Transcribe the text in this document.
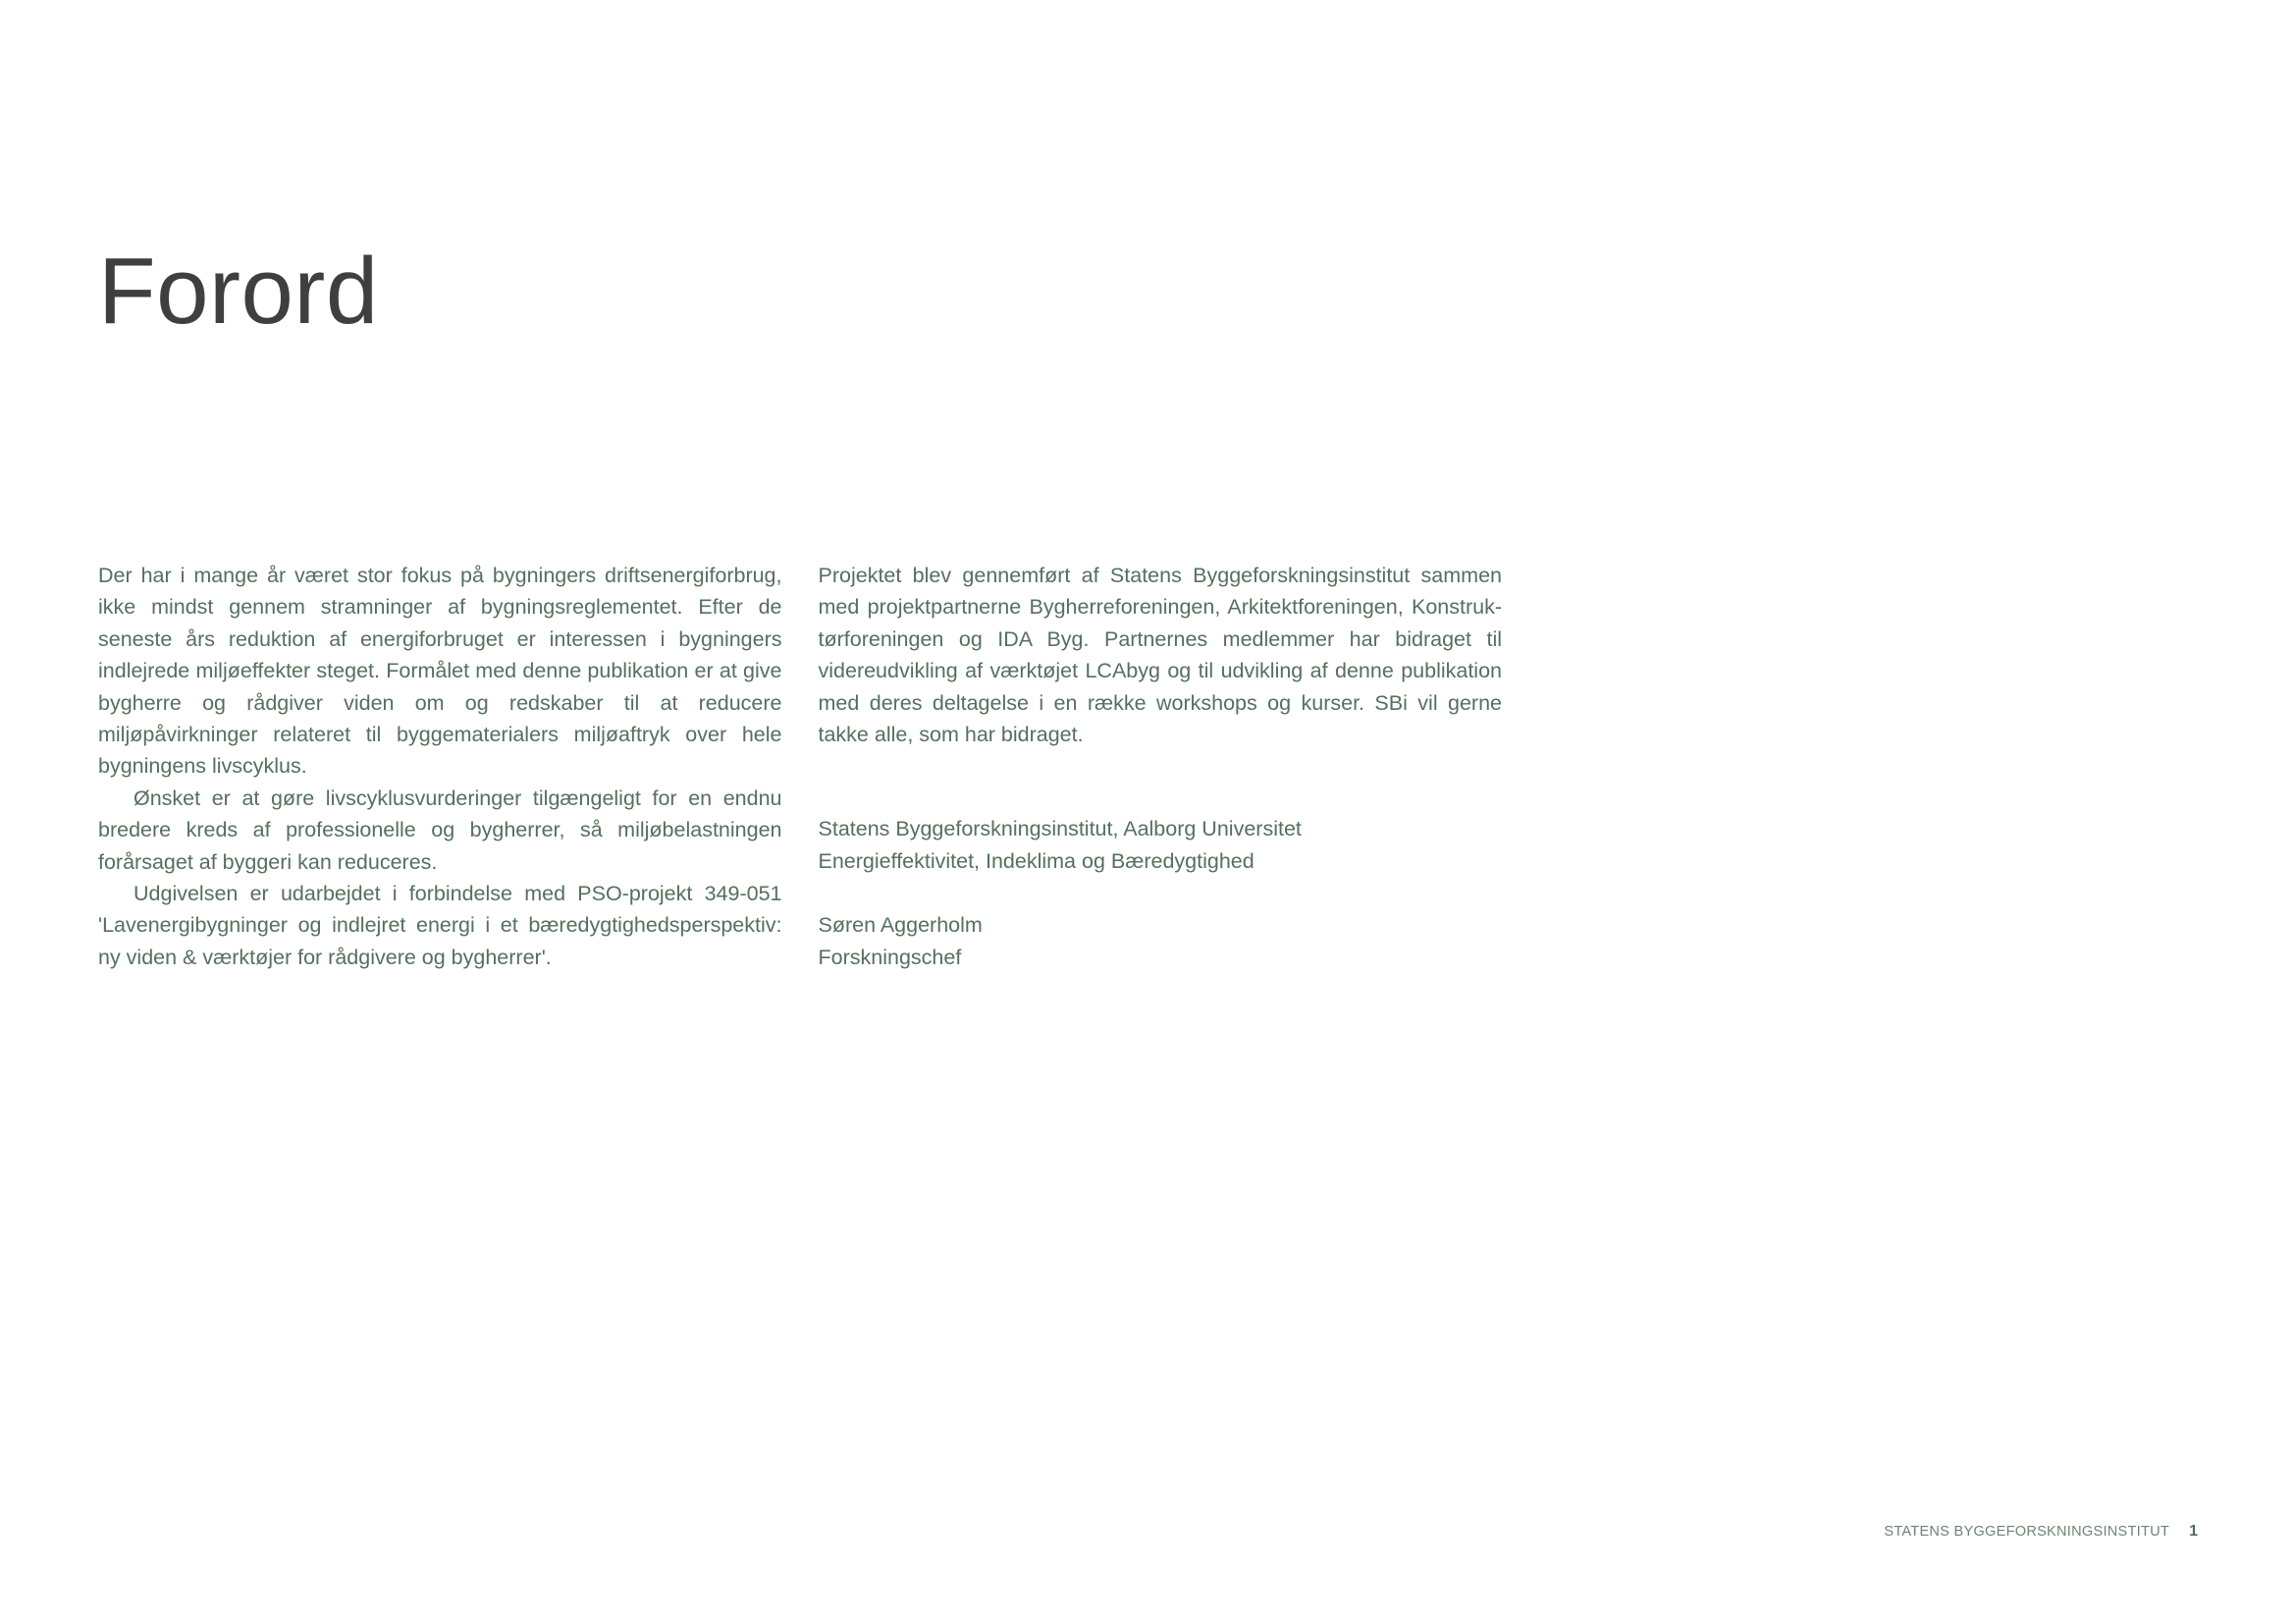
Forord

Der har i mange år været stor fokus på bygningers driftsenergiforbrug, ikke mindst gennem stramninger af bygningsreglementet. Efter de seneste års reduktion af energiforbruget er interessen i bygningers indlejrede miljøeffekter steget. Formålet med denne publikation er at give bygherre og rådgiver viden om og redskaber til at reducere miljøpåvirkninger relateret til byggematerialers miljøaftryk over hele bygningens livscyklus.

Ønsket er at gøre livscyklusvurderinger tilgængeligt for en endnu bredere kreds af professionelle og bygherrer, så miljøbelastningen forårsaget af byggeri kan reduceres.

Udgivelsen er udarbejdet i forbindelse med PSO-projekt 349-051 'Lavenergibygninger og indlejret energi i et bæredygtighedsperspektiv: ny viden & værktøjer for rådgivere og bygherrer'.

Projektet blev gennemført af Statens Byggeforskningsinstitut sammen med projektpartnerne Bygherreforeningen, Arkitektforeningen, Konstruk-tørforeningen og IDA Byg. Partnernes medlemmer har bidraget til videreudvikling af værktøjet LCAbyg og til udvikling af denne publikation med deres deltagelse i en række workshops og kurser. SBi vil gerne takke alle, som har bidraget.

Statens Byggeforskningsinstitut, Aalborg Universitet

Energieffektivitet, Indeklima og Bæredygtighed

Søren Aggerholm

Forskningschef

STATENS BYGGEFORSKNINGSINSTITUT 1
